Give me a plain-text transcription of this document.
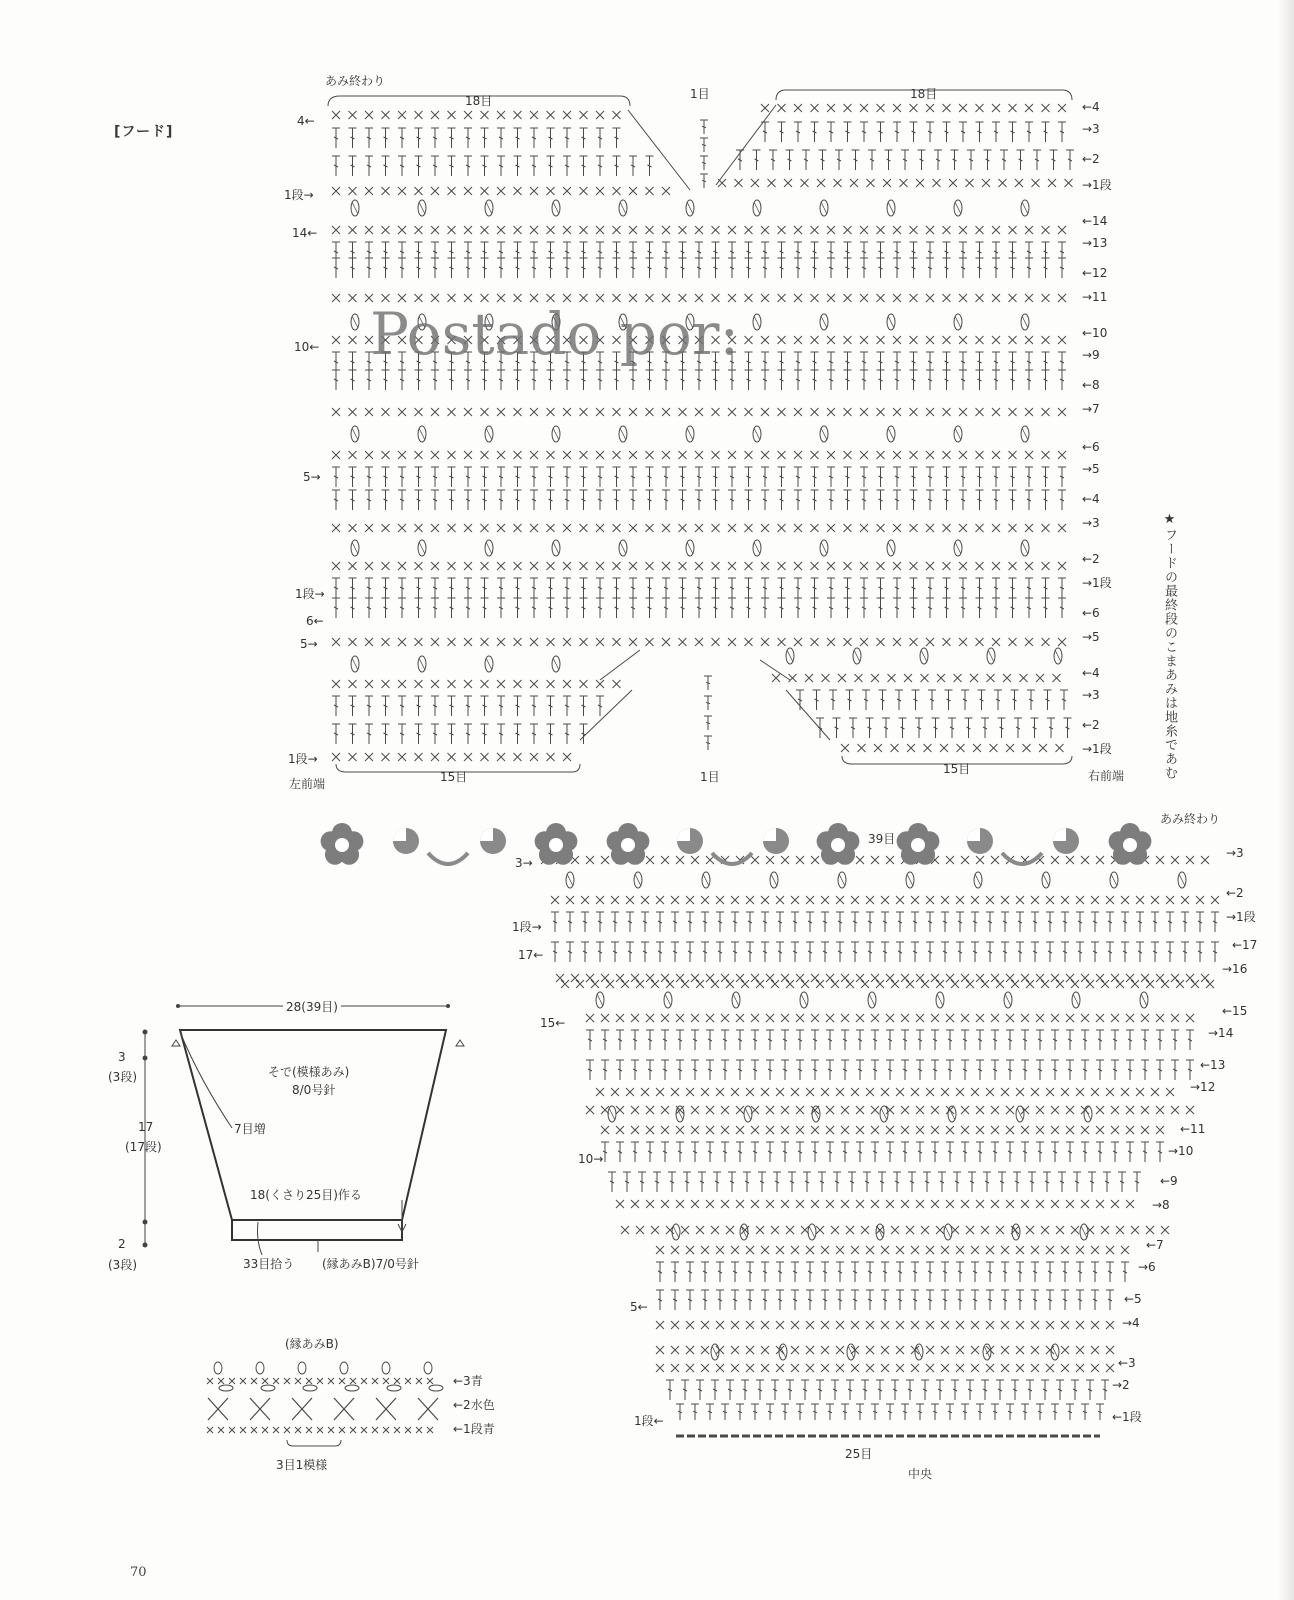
[フード]
あみ終わり
18目	1目	18目
15目	1目
15目
左前端
右前端
4←
1段→
14←
10←
5→
1段→
6←
5→
1段→
←4
→3
←2
→1段
←14
→13
←12
→11
←10
→9
←8
→7
←6
→5
←4
→3
←2
→1段
←6
→5
←4
→3
←2
→1段
Postado por:
★フードの最終段のこまあみは地糸であむ
あみ終わり
39目
25目
中央
3→
1段→
17←
15←
10→
5←
1段←
→3
←2
→1段
←17
→16
←15
→14
←13
→12
←11
→10
←9
→8
←7
→6
←5
→4
←3
→2
←1段
28(39目)
そで(模様あみ)
8/0号針
7目増
18(くさり25目)作る
33目拾う (縁あみB)7/0号針
3
(3段)
17
(17段)
2
(3段)
(縁あみB)
←3青
←2水色
←1段青
3目1模様
70
